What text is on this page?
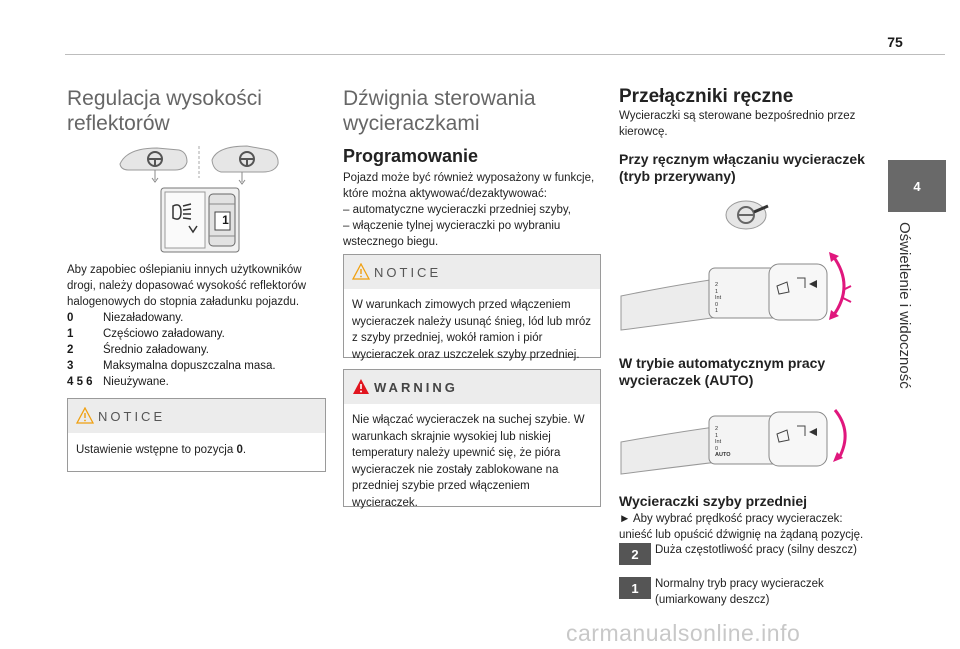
75
4
Oświetlenie i widoczność
Regulacja wysokości
reflektorów
1
Aby zapobiec oślepianiu innych użytkowników drogi, należy dopasować wysokość reflektorów halogenowych do stopnia załadunku pojazdu.
0	Niezaładowany.
1	Częściowo załadowany.
2	Średnio załadowany.
3	Maksymalna dopuszczalna masa.
4 5 6 Nieużywane.
NOTICE
Ustawienie wstępne to pozycja 0.
Dźwignia sterowania
wycieraczkami
Programowanie
Pojazd może być również wyposażony w funkcje, które można aktywować/dezaktywować:
– automatyczne wycieraczki przedniej szyby,
– włączenie tylnej wycieraczki po wybraniu wstecznego biegu.
NOTICE
W warunkach zimowych przed włączeniem wycieraczek należy usunąć śnieg, lód lub mróz z szyby przedniej, wokół ramion i piór wycieraczek oraz uszczelek szyby przedniej.
WARNING
Nie włączać wycieraczek na suchej szybie. W warunkach skrajnie wysokiej lub niskiej temperatury należy upewnić się, że pióra wycieraczek nie zostały zablokowane na przedniej szybie przed włączeniem wycieraczek.
Przełączniki ręczne
Wycieraczki są sterowane bezpośrednio przez kierowcę.
Przy ręcznym włączaniu wycieraczek (tryb przerywany)
2
1
Int
0
1
W trybie automatycznym pracy wycieraczek (AUTO)
2
1
Int
0
AUTO
Wycieraczki szyby przedniej
► Aby wybrać prędkość pracy wycieraczek: unieść lub opuścić dźwignię na żądaną pozycję.
2	Duża częstotliwość pracy (silny deszcz)
1	Normalny tryb pracy wycieraczek (umiarkowany deszcz)
carmanualsonline.info
